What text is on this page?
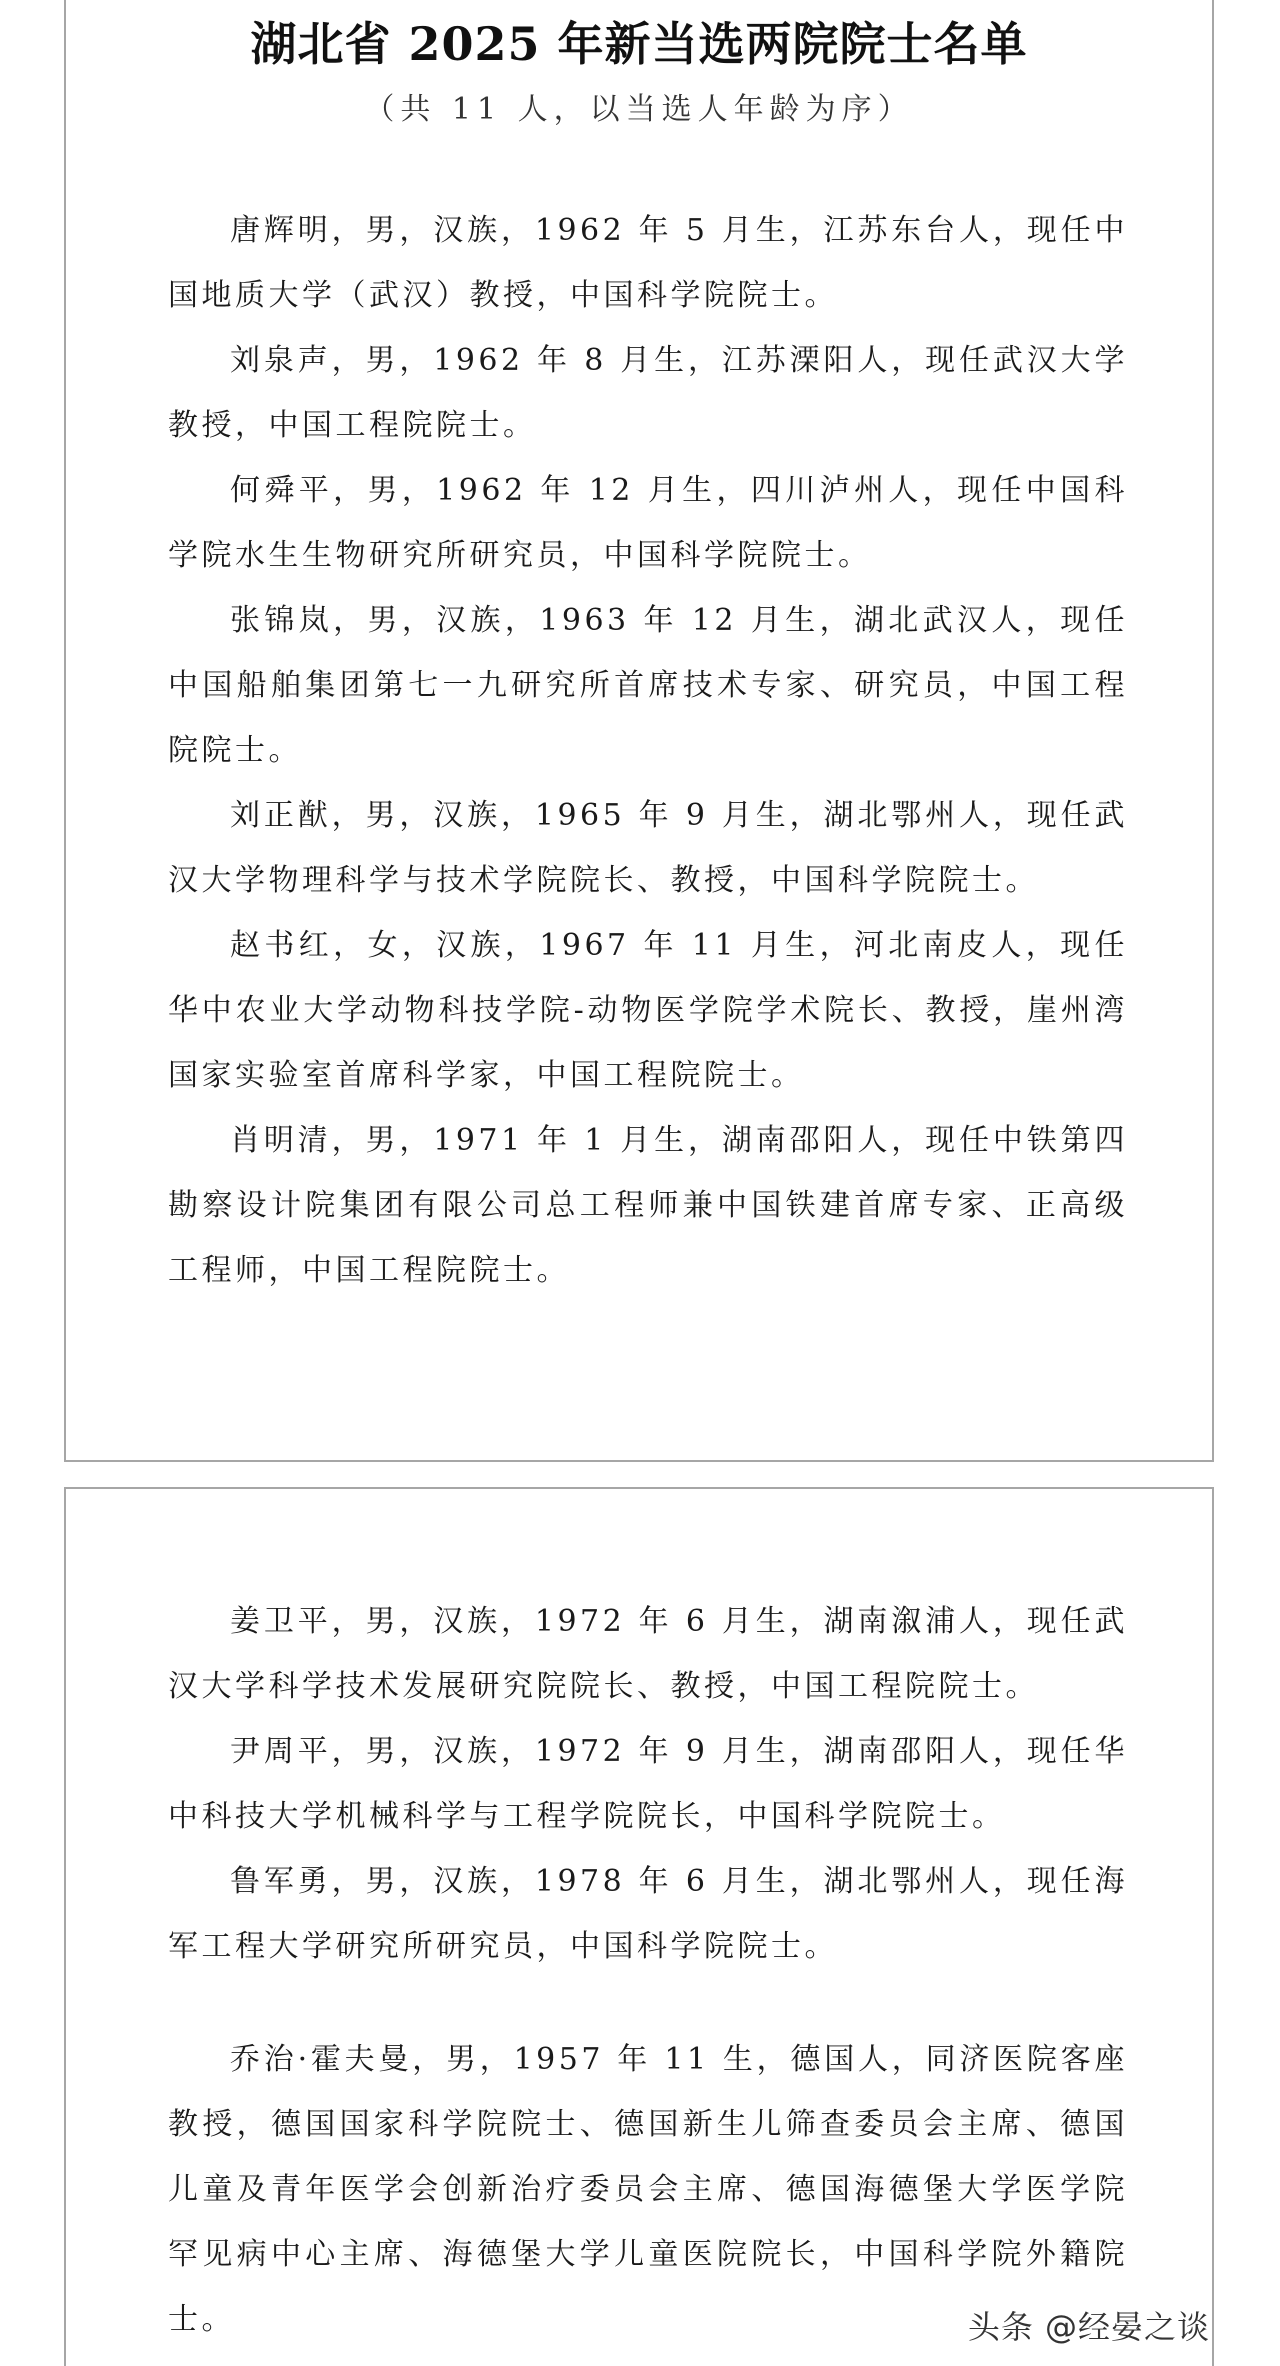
湖北省 2025 年新当选两院院士名单
（共 11 人，以当选人年龄为序）

唐辉明，男，汉族，1962 年 5 月生，江苏东台人，现任中国地质大学（武汉）教授，中国科学院院士。

刘泉声，男，1962 年 8 月生，江苏溧阳人，现任武汉大学教授，中国工程院院士。

何舜平，男，1962 年 12 月生，四川泸州人，现任中国科学院水生生物研究所研究员，中国科学院院士。

张锦岚，男，汉族，1963 年 12 月生，湖北武汉人，现任中国船舶集团第七一九研究所首席技术专家、研究员，中国工程院院士。

刘正猷，男，汉族，1965 年 9 月生，湖北鄂州人，现任武汉大学物理科学与技术学院院长、教授，中国科学院院士。

赵书红，女，汉族，1967 年 11 月生，河北南皮人，现任华中农业大学动物科技学院-动物医学院学术院长、教授，崖州湾国家实验室首席科学家，中国工程院院士。

肖明清，男，1971 年 1 月生，湖南邵阳人，现任中铁第四勘察设计院集团有限公司总工程师兼中国铁建首席专家、正高级工程师，中国工程院院士。

姜卫平，男，汉族，1972 年 6 月生，湖南溆浦人，现任武汉大学科学技术发展研究院院长、教授，中国工程院院士。

尹周平，男，汉族，1972 年 9 月生，湖南邵阳人，现任华中科技大学机械科学与工程学院院长，中国科学院院士。

鲁军勇，男，汉族，1978 年 6 月生，湖北鄂州人，现任海军工程大学研究所研究员，中国科学院院士。

乔治·霍夫曼，男，1957 年 11 生，德国人，同济医院客座教授，德国国家科学院院士、德国新生儿筛查委员会主席、德国儿童及青年医学会创新治疗委员会主席、德国海德堡大学医学院罕见病中心主席、海德堡大学儿童医院院长，中国科学院外籍院士。	头条 @经晏之谈
